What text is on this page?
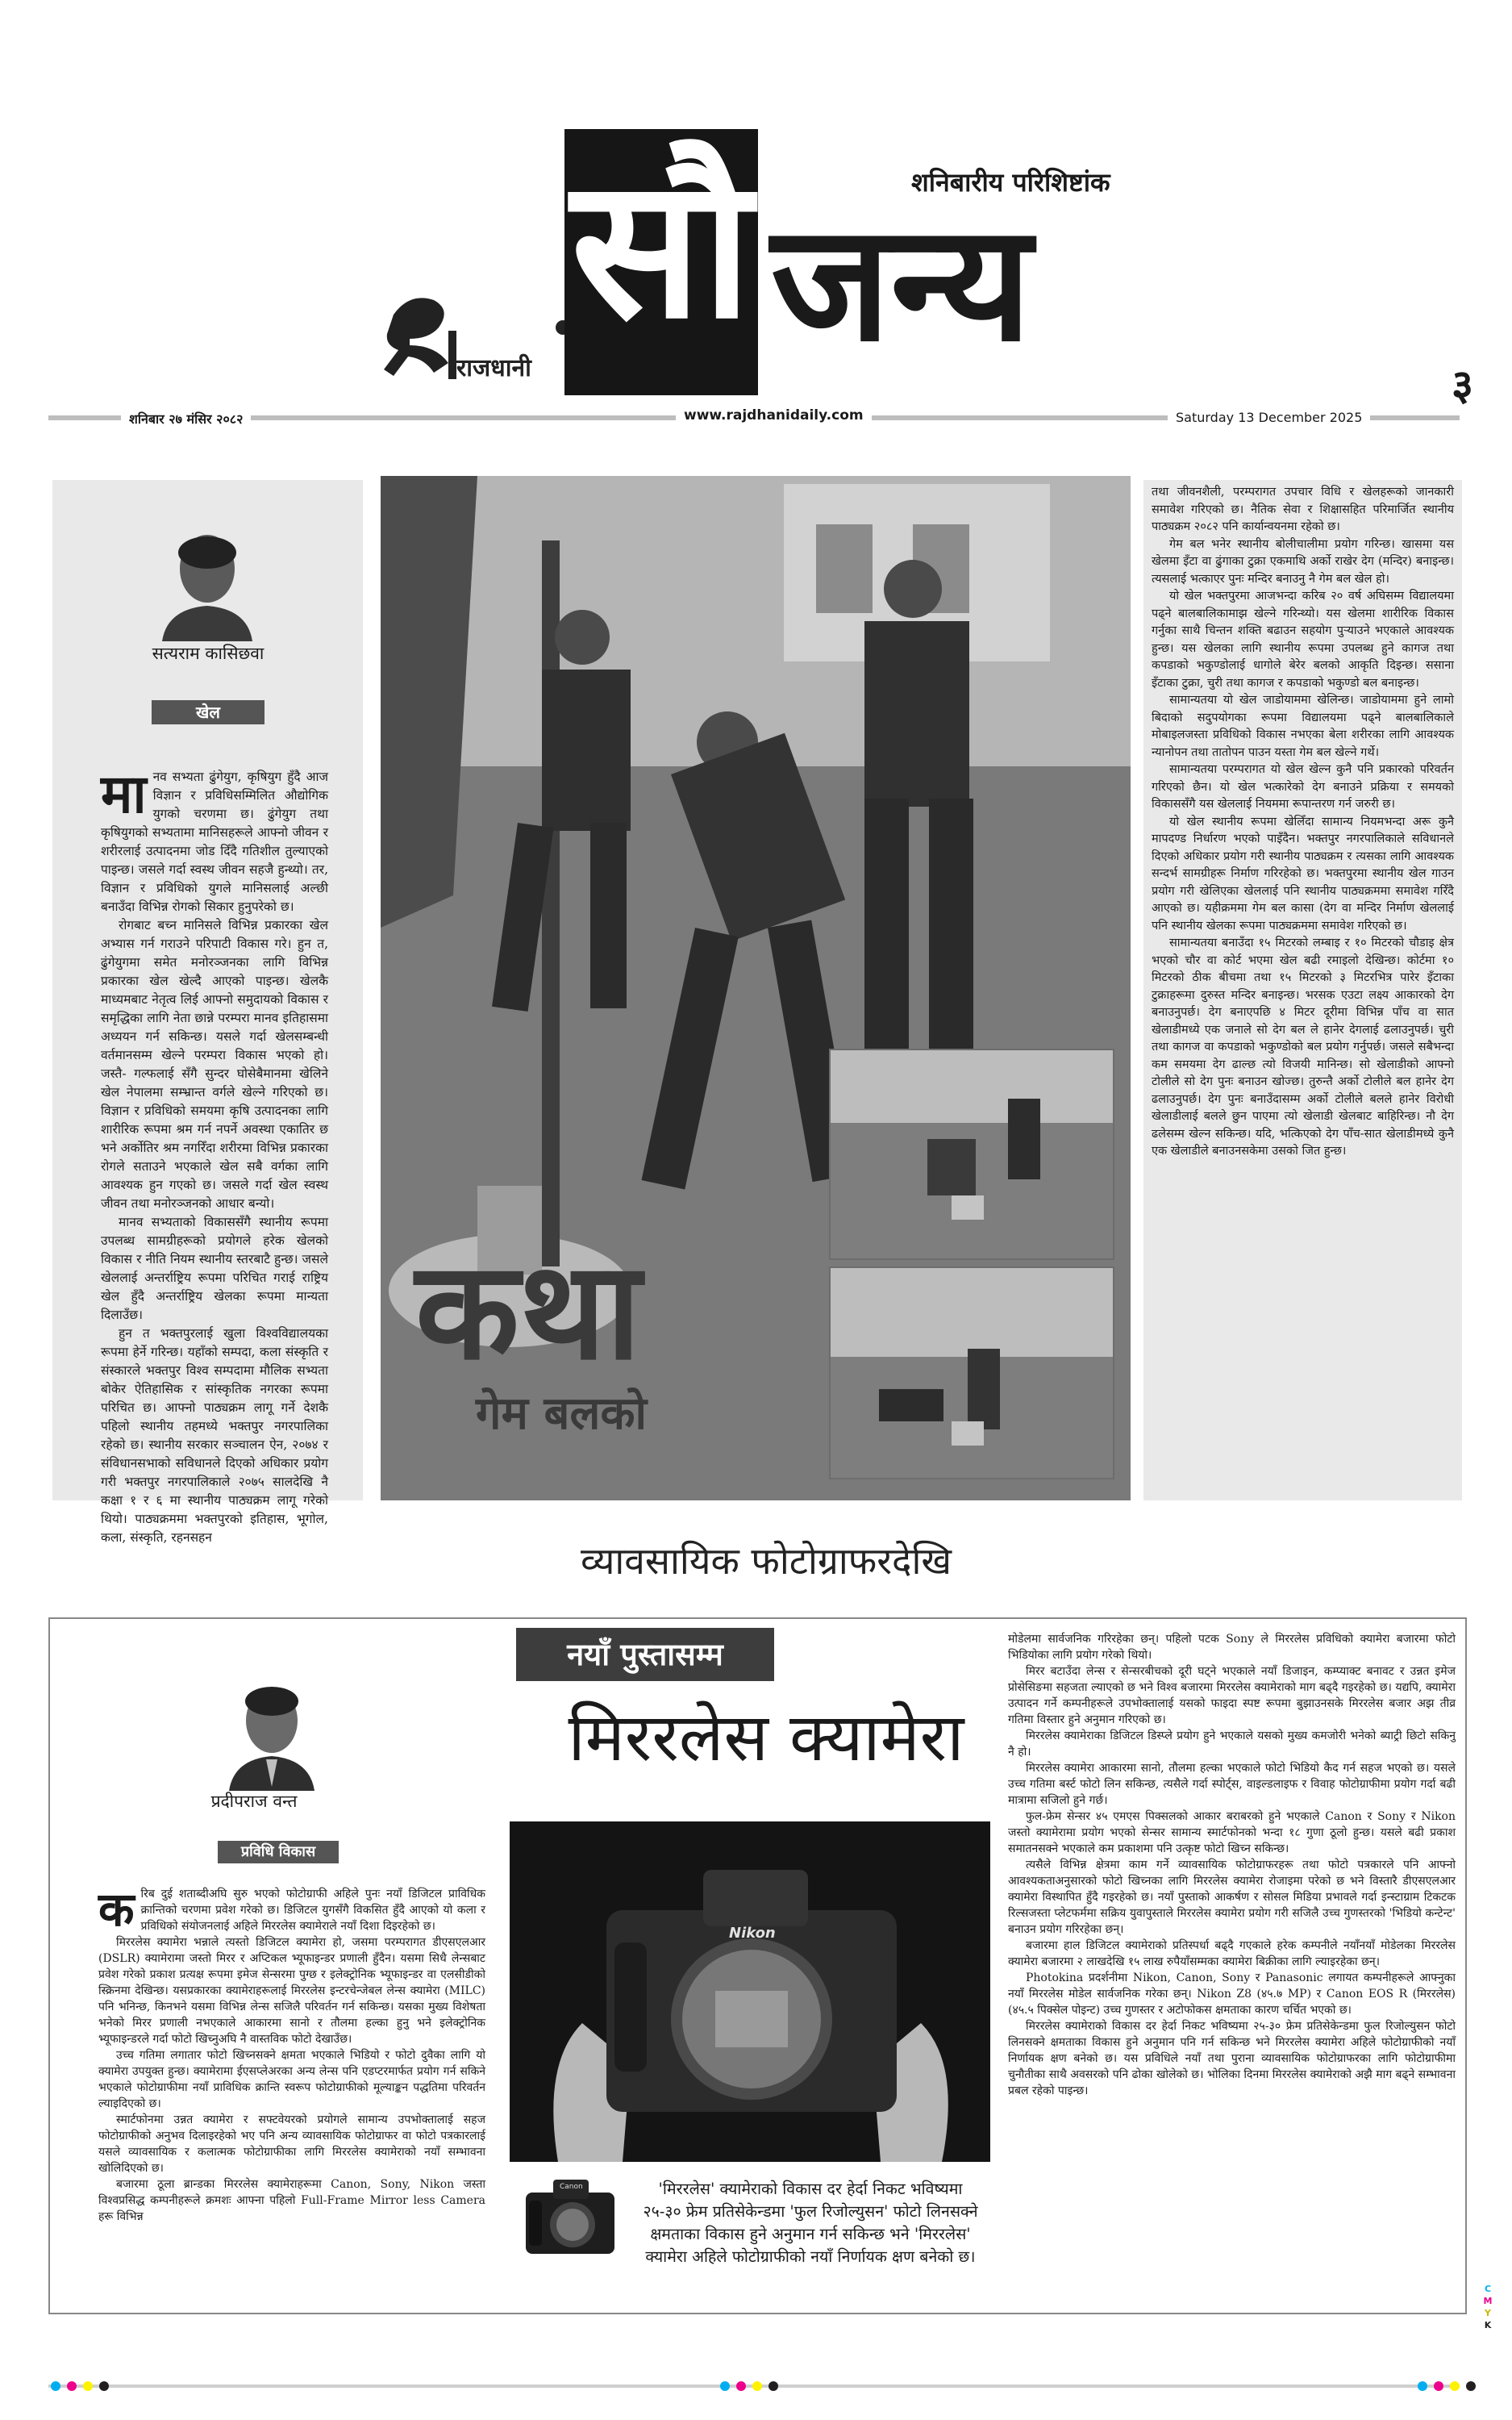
राजधानी
सौ जन्य
शनिबारीय परिशिष्टांक
३
शनिबार २७ मंसिर २०८२	www.rajdhanidaily.com	Saturday 13 December 2025
सत्यराम कासिछवा
खेल
मा नव सभ्यता ढुंगेयुग, कृषियुग हुँदै आज विज्ञान र प्रविधिसम्मिलित औद्योगिक युगको चरणमा छ। ढुंगेयुग तथा कृषियुगको सभ्यतामा मानिसहरूले आफ्नो जीवन र शरीरलाई उत्पादनमा जोड दिँदै गतिशील तुल्याएको पाइन्छ। जसले गर्दा स्वस्थ जीवन सहजै हुन्थ्यो। तर, विज्ञान र प्रविधिको युगले मानिसलाई अल्छी बनाउँदा विभिन्न रोगको सिकार हुनुपरेको छ।

रोगबाट बच्न मानिसले विभिन्न प्रकारका खेल अभ्यास गर्न गराउने परिपाटी विकास गरे। हुन त, ढुंगेयुगमा समेत मनोरञ्जनका लागि विभिन्न प्रकारका खेल खेल्दै आएको पाइन्छ। खेलकै माध्यमबाट नेतृत्व लिई आफ्नो समुदायको विकास र समृद्धिका लागि नेता छान्ने परम्परा मानव इतिहासमा अध्ययन गर्न सकिन्छ। यसले गर्दा खेलसम्बन्धी वर्तमानसम्म खेल्ने परम्परा विकास भएको हो। जस्तै- गल्फलाई सँगै सुन्दर घोसेबैमानमा खेलिने खेल नेपालमा सम्भ्रान्त वर्गले खेल्ने गरिएको छ। विज्ञान र प्रविधिको समयमा कृषि उत्पादनका लागि शारीरिक रूपमा श्रम गर्न नपर्ने अवस्था एकातिर छ भने अर्कोतिर श्रम नगरिँदा शरीरमा विभिन्न प्रकारका रोगले सताउने भएकाले खेल सबै वर्गका लागि आवश्यक हुन गएको छ। जसले गर्दा खेल स्वस्थ जीवन तथा मनोरञ्जनको आधार बन्यो।

मानव सभ्यताको विकाससँगै स्थानीय रूपमा उपलब्ध सामग्रीहरूको प्रयोगले हरेक खेलको विकास र नीति नियम स्थानीय स्तरबाटै हुन्छ। जसले खेललाई अन्तर्राष्ट्रिय रूपमा परिचित गराई राष्ट्रिय खेल हुँदै अन्तर्राष्ट्रिय खेलका रूपमा मान्यता दिलाउँछ।

हुन त भक्तपुरलाई खुला विश्वविद्यालयका रूपमा हेर्ने गरिन्छ। यहाँको सम्पदा, कला संस्कृति र संस्कारले भक्तपुर विश्व सम्पदामा मौलिक सभ्यता बोकेर ऐतिहासिक र सांस्कृतिक नगरका रूपमा परिचित छ। आफ्नो पाठ्यक्रम लागू गर्ने देशकै पहिलो स्थानीय तहमध्ये भक्तपुर नगरपालिका रहेको छ। स्थानीय सरकार सञ्चालन ऐन, २०७४ र संविधानसभाको सविधानले दिएको अधिकार प्रयोग गरी भक्तपुर नगरपालिकाले २०७५ सालदेखि नै कक्षा १ र ६ मा स्थानीय पाठ्यक्रम लागू गरेको थियो। पाठ्यक्रममा भक्तपुरको इतिहास, भूगोल, कला, संस्कृति, रहनसहन

कथा
गेम बलको

तथा जीवनशैली, परम्परागत उपचार विधि र खेलहरूको जानकारी समावेश गरिएको छ। नैतिक सेवा र शिक्षासहित परिमार्जित स्थानीय पाठ्यक्रम २०८२ पनि कार्यान्वयनमा रहेको छ।

गेम बल भनेर स्थानीय बोलीचालीमा प्रयोग गरिन्छ। खासमा यस खेलमा इँटा वा ढुंगाका टुक्रा एकमाथि अर्को राखेर देग (मन्दिर) बनाइन्छ। त्यसलाई भत्काएर पुनः मन्दिर बनाउनु नै गेम बल खेल हो।

यो खेल भक्तपुरमा आजभन्दा करिब २० वर्ष अघिसम्म विद्यालयमा पढ्ने बालबालिकामाझ खेल्ने गरिन्थ्यो। यस खेलमा शारीरिक विकास गर्नुका साथै चिन्तन शक्ति बढाउन सहयोग पुर्‍याउने भएकाले आवश्यक हुन्छ। यस खेलका लागि स्थानीय रूपमा उपलब्ध हुने कागज तथा कपडाको भकुण्डोलाई धागोले बेरेर बलको आकृति दिइन्छ। ससाना इँटाका टुक्रा, चुरी तथा कागज र कपडाको भकुण्डो बल बनाइन्छ।

सामान्यतया यो खेल जाडोयाममा खेलिन्छ। जाडोयाममा हुने लामो बिदाको सदुपयोगका रूपमा विद्यालयमा पढ्ने बालबालिकाले मोबाइलजस्ता प्रविधिको विकास नभएका बेला शरीरका लागि आवश्यक न्यानोपन तथा तातोपन पाउन यस्ता गेम बल खेल्ने गर्थे।

सामान्यतया परम्परागत यो खेल खेल्न कुनै पनि प्रकारको परिवर्तन गरिएको छैन। यो खेल भत्कारेको देग बनाउने प्रक्रिया र समयको विकाससँगै यस खेललाई नियममा रूपान्तरण गर्न जरुरी छ।

यो खेल स्थानीय रूपमा खेलिँदा सामान्य नियमभन्दा अरू कुनै मापदण्ड निर्धारण भएको पाइँदैन। भक्तपुर नगरपालिकाले सविधानले दिएको अधिकार प्रयोग गरी स्थानीय पाठ्यक्रम र त्यसका लागि आवश्यक सन्दर्भ सामग्रीहरू निर्माण गरिरहेको छ। भक्तपुरमा स्थानीय खेल गाउन प्रयोग गरी खेलिएका खेललाई पनि स्थानीय पाठ्यक्रममा समावेश गरिँदै आएको छ। यहीक्रममा गेम बल कासा (देग वा मन्दिर निर्माण खेललाई पनि स्थानीय खेलका रूपमा पाठ्यक्रममा समावेश गरिएको छ।

सामान्यतया बनाउँदा १५ मिटरको लम्बाइ र १० मिटरको चौडाइ क्षेत्र भएको चौर वा कोर्ट भएमा खेल बढी रमाइलो देखिन्छ। कोर्टमा १० मिटरको ठीक बीचमा तथा १५ मिटरको ३ मिटरभित्र पारेर इँटाका टुक्राहरूमा दुरुस्त मन्दिर बनाइन्छ। भरसक एउटा लक्ष्य आकारको देग बनाउनुपर्छ। देग बनाएपछि ४ मिटर दूरीमा विभिन्न पाँच वा सात खेलाडीमध्ये एक जनाले सो देग बल ले हानेर देगलाई ढलाउनुपर्छ। चुरी तथा कागज वा कपडाको भकुण्डोको बल प्रयोग गर्नुपर्छ। जसले सबैभन्दा कम समयमा देग ढाल्छ त्यो विजयी मानिन्छ। सो खेलाडीको आफ्नो टोलीले सो देग पुनः बनाउन खोज्छ। तुरुन्तै अर्को टोलीले बल हानेर देग ढलाउनुपर्छ। देग पुनः बनाउँदासम्म अर्को टोलीले बलले हानेर विरोधी खेलाडीलाई बलले छुन पाएमा त्यो खेलाडी खेलबाट बाहिरिन्छ। नौ देग ढलेसम्म खेल्न सकिन्छ। यदि, भत्किएको देग पाँच-सात खेलाडीमध्ये कुनै एक खेलाडीले बनाउनसकेमा उसको जित हुन्छ।

व्यावसायिक फोटोग्राफरदेखि
नयाँ पुस्तासम्म
मिररलेस क्यामेरा
प्रदीपराज वन्त
प्रविधि विकास
क रिब दुई शताब्दीअघि सुरु भएको फोटोग्राफी अहिले पुनः नयाँ डिजिटल प्राविधिक क्रान्तिको चरणमा प्रवेश गरेको छ। डिजिटल युगसँगै विकसित हुँदै आएको यो कला र प्रविधिको संयोजनलाई अहिले मिररलेस क्यामेराले नयाँ दिशा दिइरहेको छ।

मिररलेस क्यामेरा भन्नाले त्यस्तो डिजिटल क्यामेरा हो, जसमा परम्परागत डीएसएलआर (DSLR) क्यामेरामा जस्तो मिरर र अप्टिकल भ्यूफाइन्डर प्रणाली हुँदैन। यसमा सिधै लेन्सबाट प्रवेश गरेको प्रकाश प्रत्यक्ष रूपमा इमेज सेन्सरमा पुग्छ र इलेक्ट्रोनिक भ्यूफाइन्डर वा एलसीडीको स्क्रिनमा देखिन्छ। यसप्रकारका क्यामेराहरूलाई मिररलेस इन्टरचेन्जेबल लेन्स क्यामेरा (MILC) पनि भनिन्छ, किनभने यसमा विभिन्न लेन्स सजिलै परिवर्तन गर्न सकिन्छ। यसका मुख्य विशेषता भनेको मिरर प्रणाली नभएकाले आकारमा सानो र तौलमा हल्का हुनु भने इलेक्ट्रोनिक भ्यूफाइन्डरले गर्दा फोटो खिच्नुअघि नै वास्तविक फोटो देखाउँछ।

उच्च गतिमा लगातार फोटो खिच्नसक्ने क्षमता भएकाले भिडियो र फोटो दुवैका लागि यो क्यामेरा उपयुक्त हुन्छ। क्यामेरामा ईएसप्लेअरका अन्य लेन्स पनि एडप्टरमार्फत प्रयोग गर्न सकिने भएकाले फोटोग्राफीमा नयाँ प्राविधिक क्रान्ति स्वरूप फोटोग्राफीको मूल्याङ्कन पद्धतिमा परिवर्तन ल्याइदिएको छ।

स्मार्टफोनमा उन्नत क्यामेरा र सफ्टवेयरको प्रयोगले सामान्य उपभोक्तालाई सहज फोटोग्राफीको अनुभव दिलाइरहेको भए पनि अन्य व्यावसायिक फोटोग्राफर वा फोटो पत्रकारलाई यसले व्यावसायिक र कलात्मक फोटोग्राफीका लागि मिररलेस क्यामेराको नयाँ सम्भावना खोलिदिएको छ।

बजारमा ठूला ब्रान्डका मिररलेस क्यामेराहरूमा Canon, Sony, Nikon जस्ता विश्वप्रसिद्ध कम्पनीहरूले क्रमशः आफ्ना पहिलो Full-Frame Mirror less Camera हरू विभिन्न

Nikon
Canon	'मिररलेस' क्यामेराको विकास दर हेर्दा निकट भविष्यमा २५-३० फ्रेम प्रतिसेकेन्डमा 'फुल रिजोल्युसन' फोटो लिनसक्ने क्षमताका विकास हुने अनुमान गर्न सकिन्छ भने 'मिररलेस' क्यामेरा अहिले फोटोग्राफीको नयाँ निर्णायक क्षण बनेको छ।

मोडेलमा सार्वजनिक गरिरहेका छन्। पहिलो पटक Sony ले मिररलेस प्रविधिको क्यामेरा बजारमा फोटो भिडियोका लागि प्रयोग गरेको थियो।

मिरर बटाउँदा लेन्स र सेन्सरबीचको दूरी घट्ने भएकाले नयाँ डिजाइन, कम्प्याक्ट बनावट र उन्नत इमेज प्रोसेसिङमा सहजता ल्याएको छ भने विश्व बजारमा मिररलेस क्यामेराको माग बढ्दै गइरहेको छ। यद्यपि, क्यामेरा उत्पादन गर्ने कम्पनीहरूले उपभोक्तालाई यसको फाइदा स्पष्ट रूपमा बुझाउनसके मिररलेस बजार अझ तीव्र गतिमा विस्तार हुने अनुमान गरिएको छ।

मिररलेस क्यामेराका डिजिटल डिस्प्ले प्रयोग हुने भएकाले यसको मुख्य कमजोरी भनेको ब्याट्री छिटो सकिनु नै हो।

मिररलेस क्यामेरा आकारमा सानो, तौलमा हल्का भएकाले फोटो भिडियो कैद गर्न सहज भएको छ। यसले उच्च गतिमा बर्स्ट फोटो लिन सकिन्छ, त्यसैले गर्दा स्पोर्ट्स, वाइल्डलाइफ र विवाह फोटोग्राफीमा प्रयोग गर्दा बढी मात्रामा सजिलो हुने गर्छ।

फुल-फ्रेम सेन्सर ४५ एमएस पिक्सलको आकार बराबरको हुने भएकाले Canon र Sony र Nikon जस्तो क्यामेरामा प्रयोग भएको सेन्सर सामान्य स्मार्टफोनको भन्दा १८ गुणा ठूलो हुन्छ। यसले बढी प्रकाश समातनसक्ने भएकाले कम प्रकाशमा पनि उत्कृष्ट फोटो खिच्न सकिन्छ।

त्यसैले विभिन्न क्षेत्रमा काम गर्ने व्यावसायिक फोटोग्राफरहरू तथा फोटो पत्रकारले पनि आफ्नो आवश्यकताअनुसारको फोटो खिच्नका लागि मिररलेस क्यामेरा रोजाइमा परेको छ भने विस्तारै डीएसएलआर क्यामेरा विस्थापित हुँदै गइरहेको छ। नयाँ पुस्ताको आकर्षण र सोसल मिडिया प्रभावले गर्दा इन्स्टाग्राम टिकटक रिल्सजस्ता प्लेटफर्ममा सक्रिय युवापुस्ताले मिररलेस क्यामेरा प्रयोग गरी सजिलै उच्च गुणस्तरको 'भिडियो कन्टेन्ट' बनाउन प्रयोग गरिरहेका छन्।

बजारमा हाल डिजिटल क्यामेराको प्रतिस्पर्धा बढ्दै गएकाले हरेक कम्पनीले नयाँनयाँ मोडेलका मिररलेस क्यामेरा बजारमा २ लाखदेखि १५ लाख रुपैयाँसम्मका क्यामेरा बिक्रीका लागि ल्याइरहेका छन्।

Photokina प्रदर्शनीमा Nikon, Canon, Sony र Panasonic लगायत कम्पनीहरूले आफ्नुका नयाँ मिररलेस मोडेल सार्वजनिक गरेका छन्। Nikon Z8 (४५.७ MP) र Canon EOS R (मिररलेस) (४५.५ पिक्सेल पोइन्ट) उच्च गुणस्तर र अटोफोकस क्षमताका कारण चर्चित भएको छ।

मिररलेस क्यामेराको विकास दर हेर्दा निकट भविष्यमा २५-३० फ्रेम प्रतिसेकेन्डमा फुल रिजोल्युसन फोटो लिनसक्ने क्षमताका विकास हुने अनुमान पनि गर्न सकिन्छ भने मिररलेस क्यामेरा अहिले फोटोग्राफीको नयाँ निर्णायक क्षण बनेको छ। यस प्रविधिले नयाँ तथा पुराना व्यावसायिक फोटोग्राफरका लागि फोटोग्राफीमा चुनौतीका साथै अवसरको पनि ढोका खोलेको छ। भोलिका दिनमा मिररलेस क्यामेराको अझै माग बढ्ने सम्भावना प्रबल रहेको पाइन्छ।

C
M
Y
K
